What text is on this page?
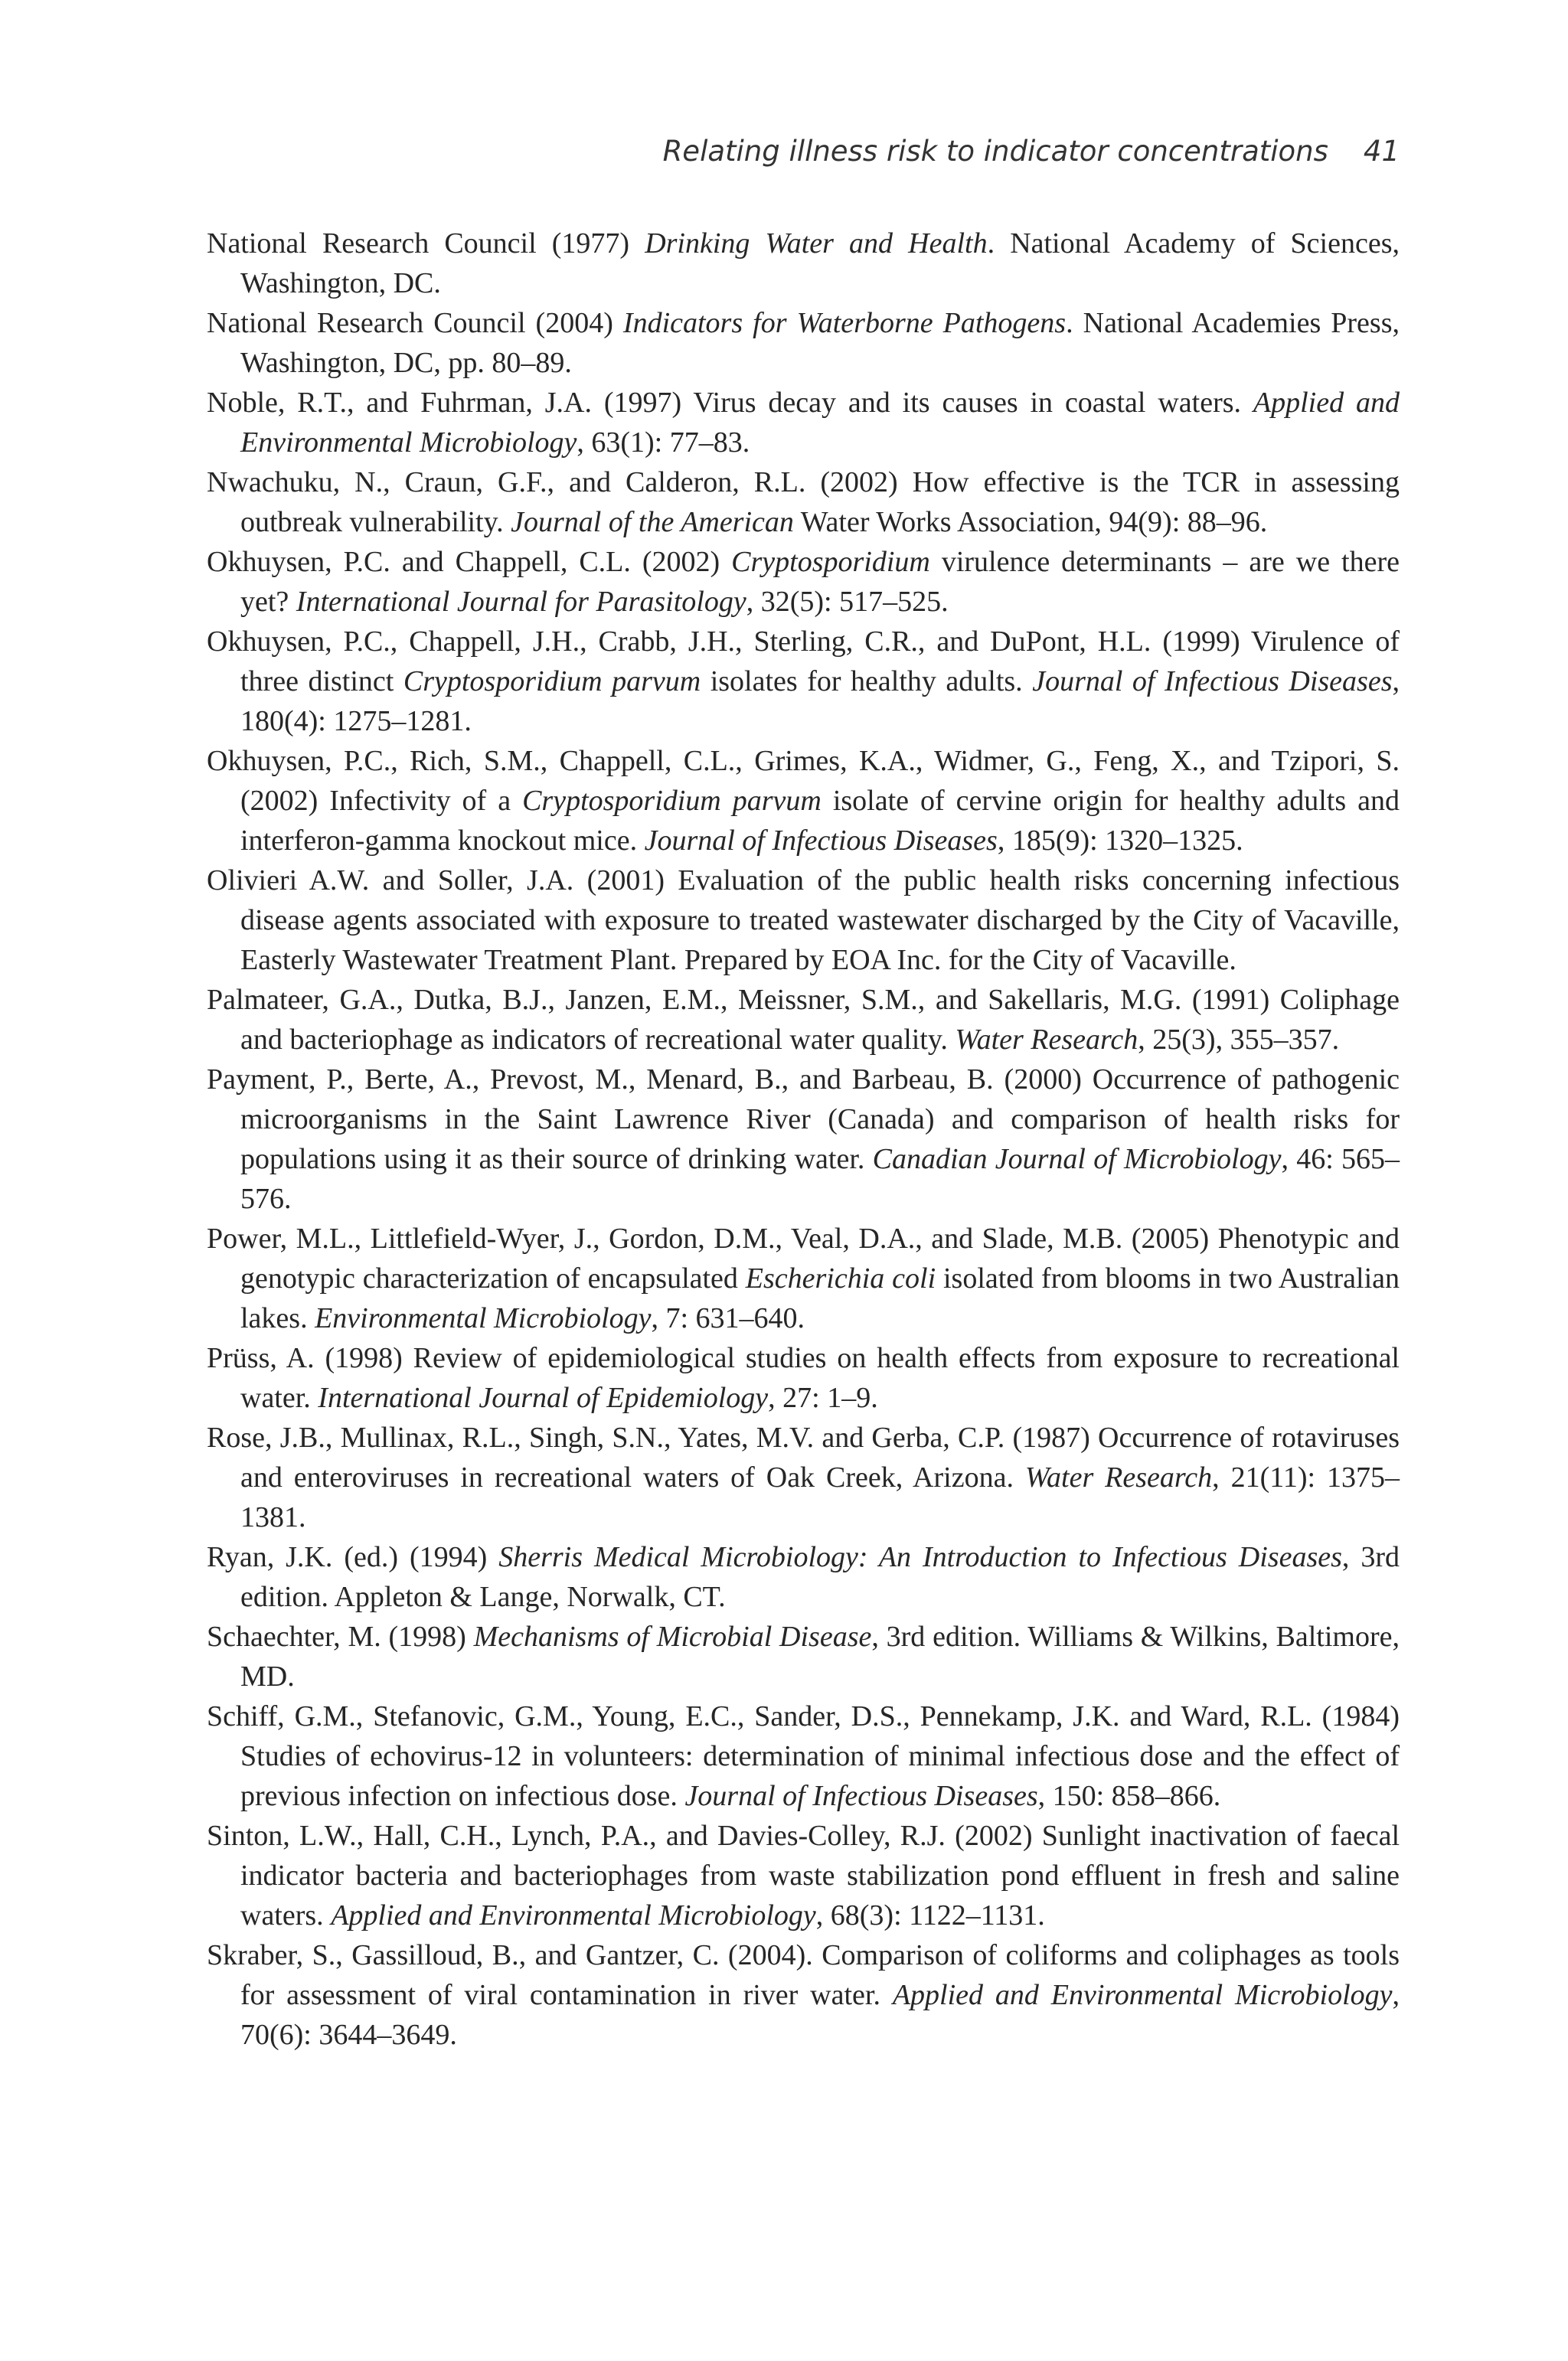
Relating illness risk to indicator concentrations 41

National Research Council (1977) Drinking Water and Health. National Academy of Sciences, Washington, DC.

National Research Council (2004) Indicators for Waterborne Pathogens. National Academies Press, Washington, DC, pp. 80–89.

Noble, R.T., and Fuhrman, J.A. (1997) Virus decay and its causes in coastal waters. Applied and Environmental Microbiology, 63(1): 77–83.

Nwachuku, N., Craun, G.F., and Calderon, R.L. (2002) How effective is the TCR in assessing outbreak vulnerability. Journal of the American Water Works Association, 94(9): 88–96.

Okhuysen, P.C. and Chappell, C.L. (2002) Cryptosporidium virulence determinants – are we there yet? International Journal for Parasitology, 32(5): 517–525.

Okhuysen, P.C., Chappell, J.H., Crabb, J.H., Sterling, C.R., and DuPont, H.L. (1999) Virulence of three distinct Cryptosporidium parvum isolates for healthy adults. Journal of Infectious Diseases, 180(4): 1275–1281.

Okhuysen, P.C., Rich, S.M., Chappell, C.L., Grimes, K.A., Widmer, G., Feng, X., and Tzipori, S. (2002) Infectivity of a Cryptosporidium parvum isolate of cervine origin for healthy adults and interferon-gamma knockout mice. Journal of Infectious Diseases, 185(9): 1320–1325.

Olivieri A.W. and Soller, J.A. (2001) Evaluation of the public health risks concerning infectious disease agents associated with exposure to treated wastewater discharged by the City of Vacaville, Easterly Wastewater Treatment Plant. Prepared by EOA Inc. for the City of Vacaville.

Palmateer, G.A., Dutka, B.J., Janzen, E.M., Meissner, S.M., and Sakellaris, M.G. (1991) Coliphage and bacteriophage as indicators of recreational water quality. Water Research, 25(3), 355–357.

Payment, P., Berte, A., Prevost, M., Menard, B., and Barbeau, B. (2000) Occurrence of pathogenic microorganisms in the Saint Lawrence River (Canada) and comparison of health risks for populations using it as their source of drinking water. Canadian Journal of Microbiology, 46: 565–576.

Power, M.L., Littlefield-Wyer, J., Gordon, D.M., Veal, D.A., and Slade, M.B. (2005) Phenotypic and genotypic characterization of encapsulated Escherichia coli isolated from blooms in two Australian lakes. Environmental Microbiology, 7: 631–640.

Prüss, A. (1998) Review of epidemiological studies on health effects from exposure to recreational water. International Journal of Epidemiology, 27: 1–9.

Rose, J.B., Mullinax, R.L., Singh, S.N., Yates, M.V. and Gerba, C.P. (1987) Occurrence of rotaviruses and enteroviruses in recreational waters of Oak Creek, Arizona. Water Research, 21(11): 1375–1381.

Ryan, J.K. (ed.) (1994) Sherris Medical Microbiology: An Introduction to Infectious Diseases, 3rd edition. Appleton & Lange, Norwalk, CT.

Schaechter, M. (1998) Mechanisms of Microbial Disease, 3rd edition. Williams & Wilkins, Baltimore, MD.

Schiff, G.M., Stefanovic, G.M., Young, E.C., Sander, D.S., Pennekamp, J.K. and Ward, R.L. (1984) Studies of echovirus-12 in volunteers: determination of minimal infectious dose and the effect of previous infection on infectious dose. Journal of Infectious Diseases, 150: 858–866.

Sinton, L.W., Hall, C.H., Lynch, P.A., and Davies-Colley, R.J. (2002) Sunlight inactivation of faecal indicator bacteria and bacteriophages from waste stabilization pond effluent in fresh and saline waters. Applied and Environmental Microbiology, 68(3): 1122–1131.

Skraber, S., Gassilloud, B., and Gantzer, C. (2004). Comparison of coliforms and coliphages as tools for assessment of viral contamination in river water. Applied and Environmental Microbiology, 70(6): 3644–3649.
